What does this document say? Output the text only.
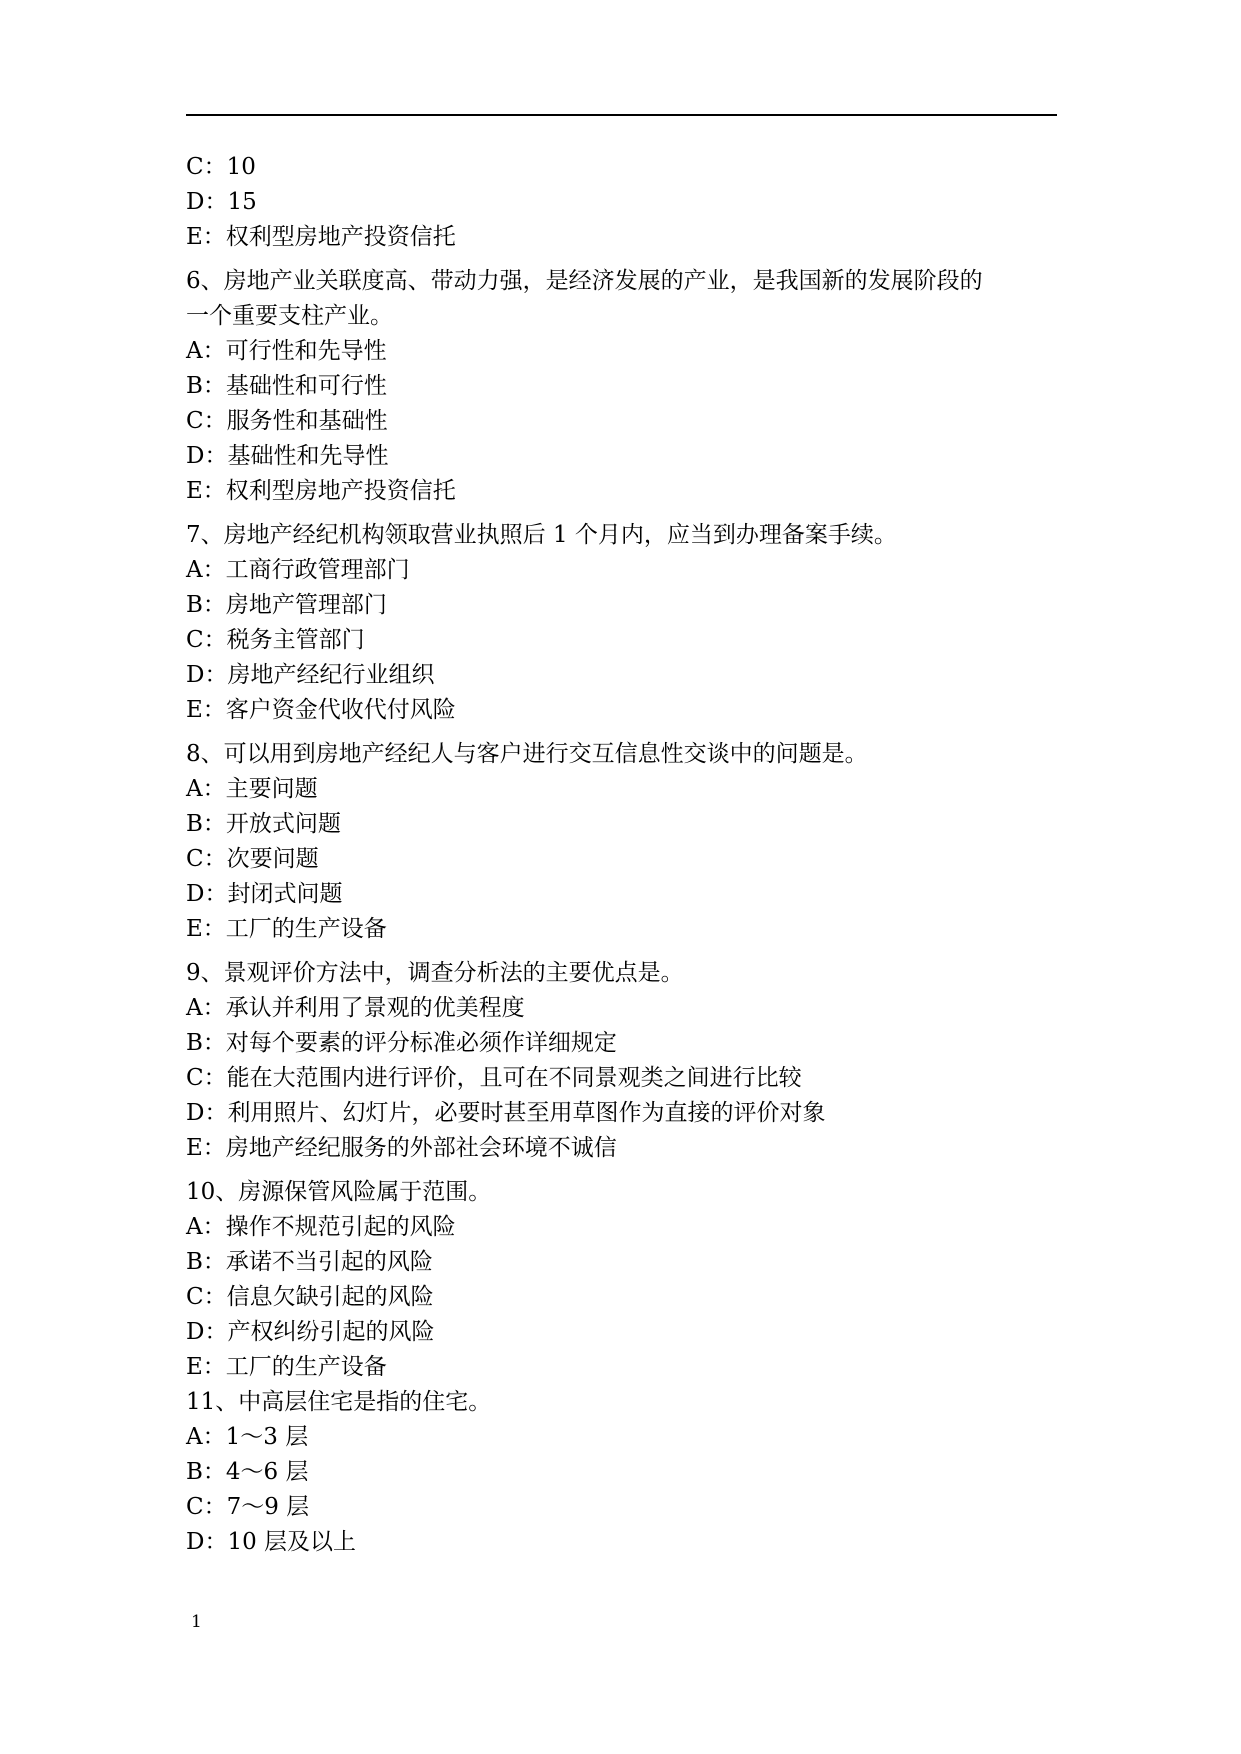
C：10
D：15
E：权利型房地产投资信托
6、房地产业关联度高、带动力强，是经济发展的产业，是我国新的发展阶段的
一个重要支柱产业。
A：可行性和先导性
B：基础性和可行性
C：服务性和基础性
D：基础性和先导性
E：权利型房地产投资信托
7、房地产经纪机构领取营业执照后 1 个月内，应当到办理备案手续。
A：工商行政管理部门
B：房地产管理部门
C：税务主管部门
D：房地产经纪行业组织
E：客户资金代收代付风险
8、可以用到房地产经纪人与客户进行交互信息性交谈中的问题是。
A：主要问题
B：开放式问题
C：次要问题
D：封闭式问题
E：工厂的生产设备
9、景观评价方法中，调查分析法的主要优点是。
A：承认并利用了景观的优美程度
B：对每个要素的评分标准必须作详细规定
C：能在大范围内进行评价，且可在不同景观类之间进行比较
D：利用照片、幻灯片，必要时甚至用草图作为直接的评价对象
E：房地产经纪服务的外部社会环境不诚信
10、房源保管风险属于范围。
A：操作不规范引起的风险
B：承诺不当引起的风险
C：信息欠缺引起的风险
D：产权纠纷引起的风险
E：工厂的生产设备
11、中高层住宅是指的住宅。
A：1～3 层
B：4～6 层
C：7～9 层
D：10 层及以上
1
